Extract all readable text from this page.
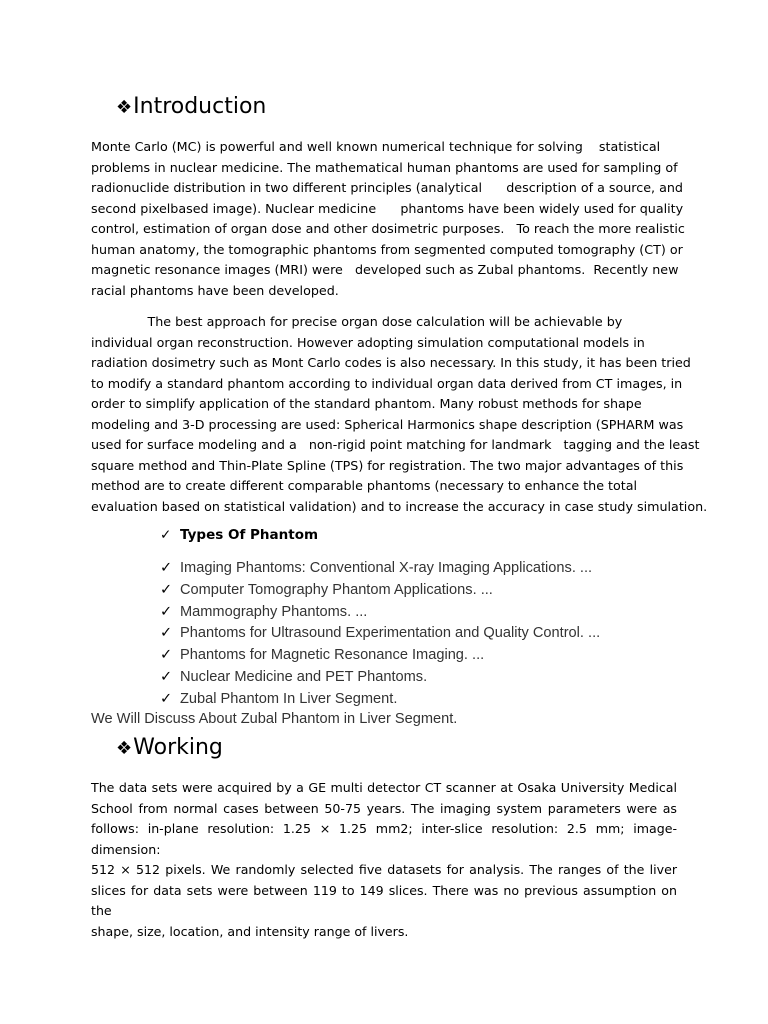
❖Introduction
Monte Carlo (MC) is powerful and well known numerical technique for solving    statistical
problems in nuclear medicine. The mathematical human phantoms are used for sampling of
radionuclide distribution in two different principles (analytical      description of a source, and
second pixelbased image). Nuclear medicine      phantoms have been widely used for quality
control, estimation of organ dose and other dosimetric purposes.   To reach the more realistic
human anatomy, the tomographic phantoms from segmented computed tomography (CT) or
magnetic resonance images (MRI) were   developed such as Zubal phantoms.  Recently new
racial phantoms have been developed.
The best approach for precise organ dose calculation will be achievable by
individual organ reconstruction. However adopting simulation computational models in
radiation dosimetry such as Mont Carlo codes is also necessary. In this study, it has been tried
to modify a standard phantom according to individual organ data derived from CT images, in
order to simplify application of the standard phantom. Many robust methods for shape
modeling and 3-D processing are used: Spherical Harmonics shape description (SPHARM was
used for surface modeling and a   non-rigid point matching for landmark   tagging and the least
square method and Thin-Plate Spline (TPS) for registration. The two major advantages of this
method are to create different comparable phantoms (necessary to enhance the total
evaluation based on statistical validation) and to increase the accuracy in case study simulation.
✓ Types Of Phantom
✓ Imaging Phantoms: Conventional X-ray Imaging Applications. ...
✓ Computer Tomography Phantom Applications. ...
✓ Mammography Phantoms. ...
✓ Phantoms for Ultrasound Experimentation and Quality Control. ...
✓ Phantoms for Magnetic Resonance Imaging. ...
✓ Nuclear Medicine and PET Phantoms.
✓ Zubal Phantom In Liver Segment.
We Will Discuss About Zubal Phantom in Liver Segment.
❖Working
The data sets were acquired by a GE multi detector CT scanner at Osaka University Medical
School from normal cases between 50-75 years. The imaging system parameters were as
follows: in-plane resolution: 1.25 × 1.25 mm2; inter-slice resolution: 2.5 mm; image-dimension:
512 × 512 pixels. We randomly selected five datasets for analysis. The ranges of the liver
slices for data sets were between 119 to 149 slices. There was no previous assumption on the
shape, size, location, and intensity range of livers.
